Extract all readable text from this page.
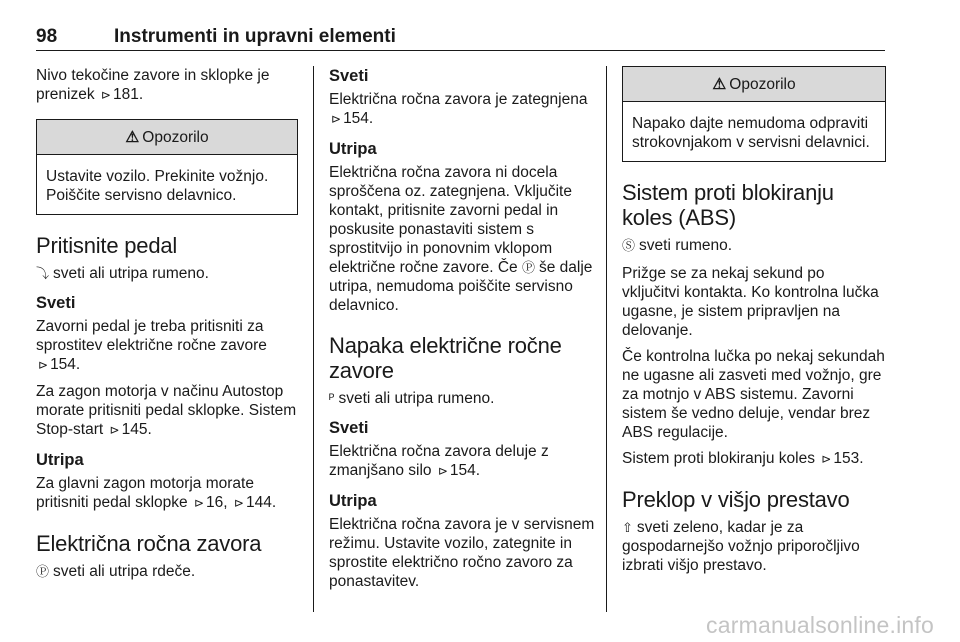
98	Instrumenti in upravni elementi

Nivo tekočine zavore in sklopke je prenizek ⊳ 181.

⚠ Opozorilo
Ustavite vozilo. Prekinite vožnjo. Poiščite servisno delavnico.
Pritisnite pedal

⤵ sveti ali utripa rumeno.

Sveti

Zavorni pedal je treba pritisniti za sprostitev električne ročne zavore
⊳ 154.

Za zagon motorja v načinu Autostop morate pritisniti pedal sklopke. Sistem Stop-start ⊳ 145.

Utripa

Za glavni zagon motorja morate pritisniti pedal sklopke ⊳ 16, ⊳ 144.

Električna ročna zavora

Ⓟ sveti ali utripa rdeče.

Sveti

Električna ročna zavora je zategnjena
⊳ 154.

Utripa

Električna ročna zavora ni docela sproščena oz. zategnjena. Vključite kontakt, pritisnite zavorni pedal in poskusite ponastaviti sistem s sprostitvijo in ponovnim vklopom električne ročne zavore. Če Ⓟ še dalje utripa, nemudoma poiščite servisno delavnico.

Napaka električne ročne zavore

ᴾ sveti ali utripa rumeno.

Sveti

Električna ročna zavora deluje z zmanjšano silo ⊳ 154.

Utripa

Električna ročna zavora je v servisnem režimu. Ustavite vozilo, zategnite in sprostite električno ročno zavoro za ponastavitev.

⚠ Opozorilo
Napako dajte nemudoma odpraviti strokovnjakom v servisni delavnici.
Sistem proti blokiranju koles (ABS)

Ⓢ sveti rumeno.

Prižge se za nekaj sekund po vključitvi kontakta. Ko kontrolna lučka ugasne, je sistem pripravljen na delovanje.

Če kontrolna lučka po nekaj sekundah ne ugasne ali zasveti med vožnjo, gre za motnjo v ABS sistemu. Zavorni sistem še vedno deluje, vendar brez ABS regulacije.

Sistem proti blokiranju koles ⊳ 153.

Preklop v višjo prestavo

⇧ sveti zeleno, kadar je za gospodarnejšo vožnjo priporočljivo izbrati višjo prestavo.

carmanualsonline.info
